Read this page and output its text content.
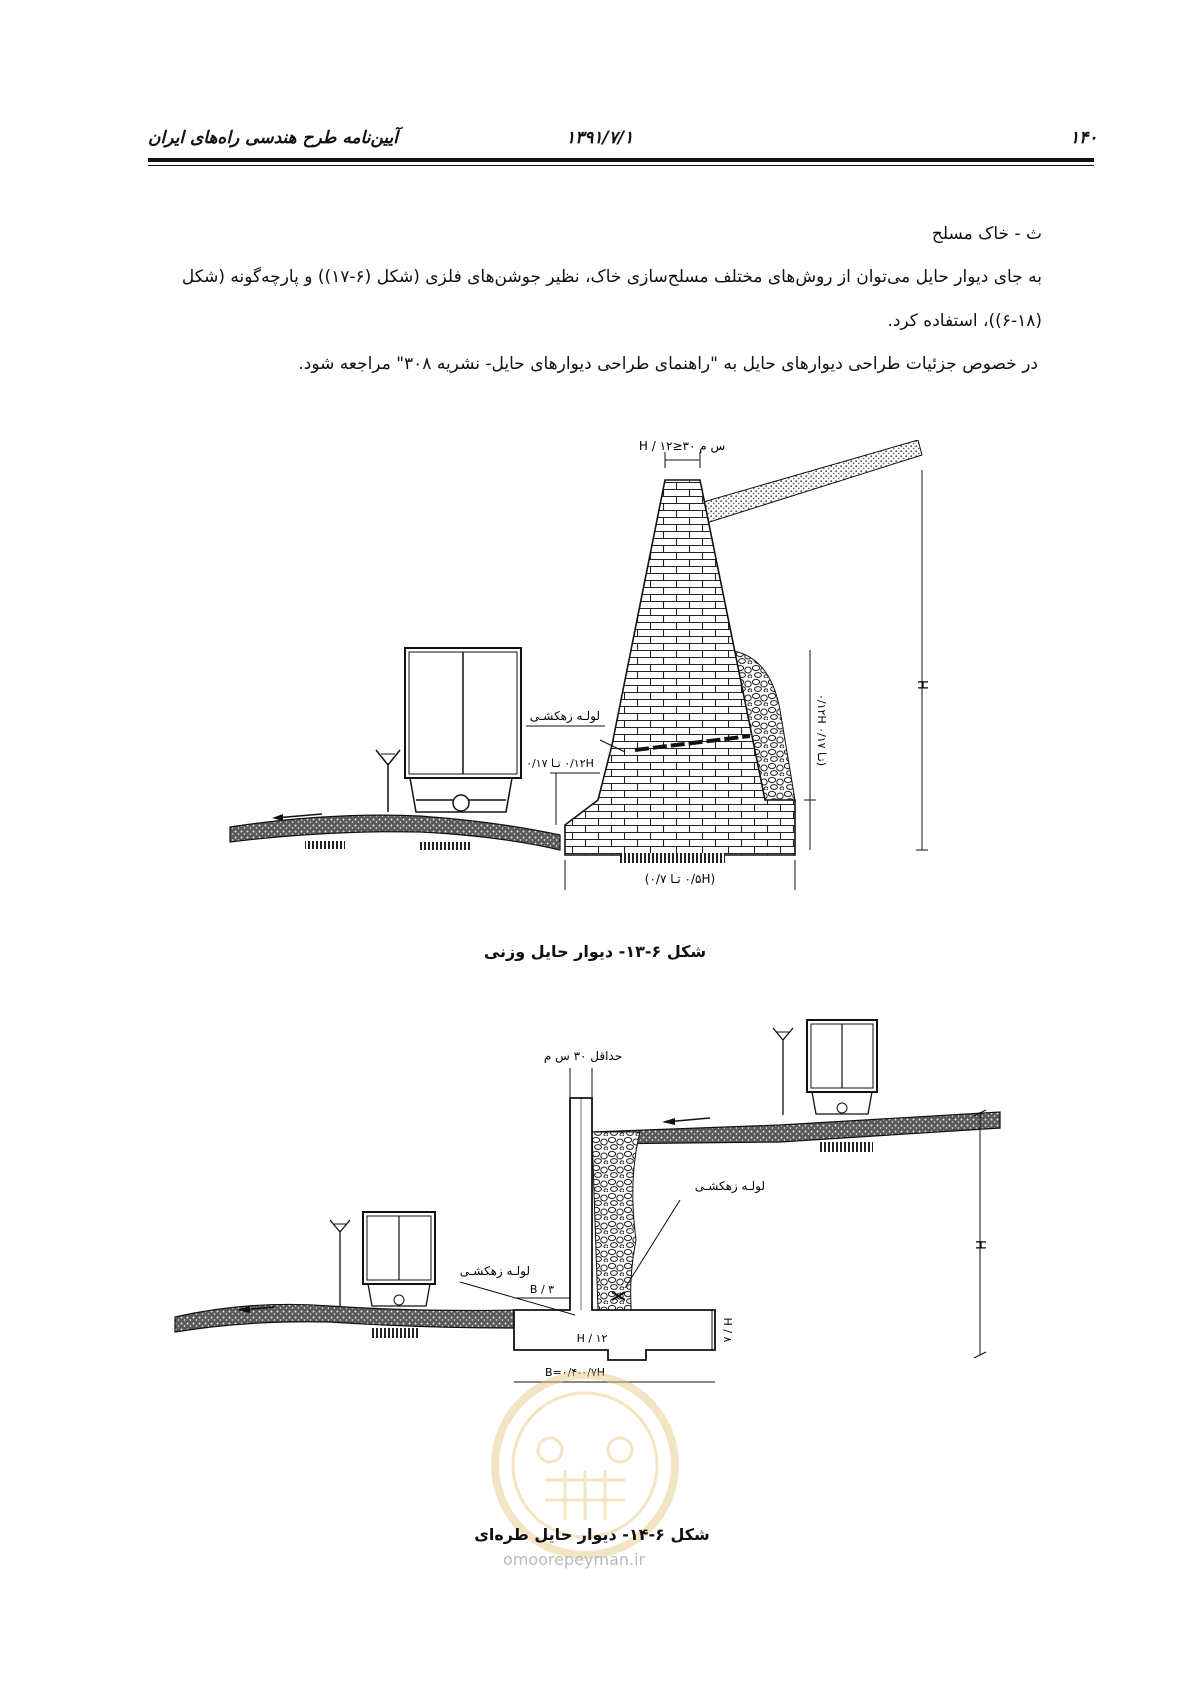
۱۴۰
۱۳۹۱/۷/۱
آیین‌نامه طرح هندسی راه‌های ایران
ث - خاک مسلح
به جای دیوار حایل می‌توان از روش‌های مختلف مسلح‌سازی خاک، نظیر جوشن‌های فلزی (شکل (۶-۱۷)) و پارچه‌گونه (شکل
(۶-۱۸))، استفاده کرد.
در خصوص جزئیات طراحی دیوارهای حایل به "راهنمای طراحی دیوارهای حایل- نشریه ۳۰۸" مراجعه شود.
لولـه زهکشـی
س م ۳۰≤۱۲ / H
۰/۱۲H تـا ۰/۱۷
۰/۱۲H تـا ۰/۱۷)
H
(۰/۵H تـا ۰/۷)
شکل ۶-۱۳- دیوار حایل وزنی
لولـه زهکشـی
لولـه زهکشـی
حداقل ۳۰ س م
H
B / ۳
H / ۱۲	H / ۸
B=۰/۴-۰/۷H
شکل ۶-۱۴- دیوار حایل طره‌ای
omoorepeyman.ir
